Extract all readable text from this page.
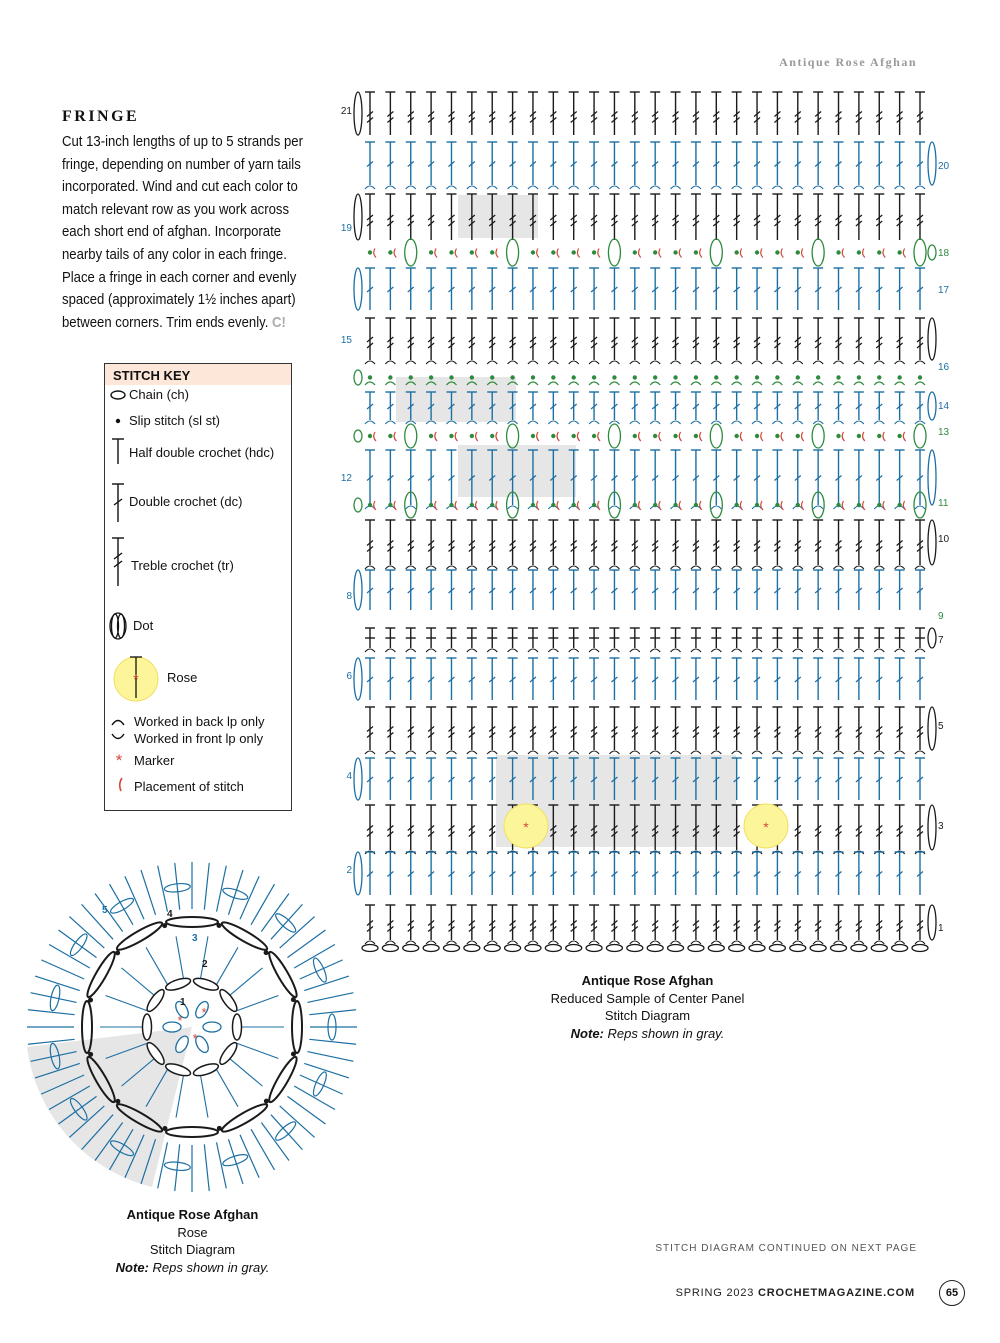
Antique Rose Afghan
FRINGE
Cut 13-inch lengths of up to 5 strands per fringe, depending on number of yarn tails incorporated. Wind and cut each color to match relevant row as you work across each short end of afghan. Incorporate nearby tails of any color in each fringe. Place a fringe in each corner and evenly spaced (approximately 1½ inches apart) between corners. Trim ends evenly. C!
STITCH KEY
*
*
Chain (ch)
Slip stitch (sl st)
Half double crochet (hdc)
Double crochet (dc)
Treble crochet (tr)
Dot
Rose
Worked in back lp only
Worked in front lp only
Marker
Placement of stitch
*	*
21
19
15
12
8
6
4
2
20
18
17
16
14
13
11
10
9
7
5
3
1
Antique Rose Afghan
Reduced Sample of Center Panel
Stitch Diagram
Note: Reps shown in gray.
*
*
*
1
2
3
4
5
Antique Rose Afghan
Rose
Stitch Diagram
Note: Reps shown in gray.
STITCH DIAGRAM CONTINUED ON NEXT PAGE
SPRING 2023 CROCHETMAGAZINE.COM	65
